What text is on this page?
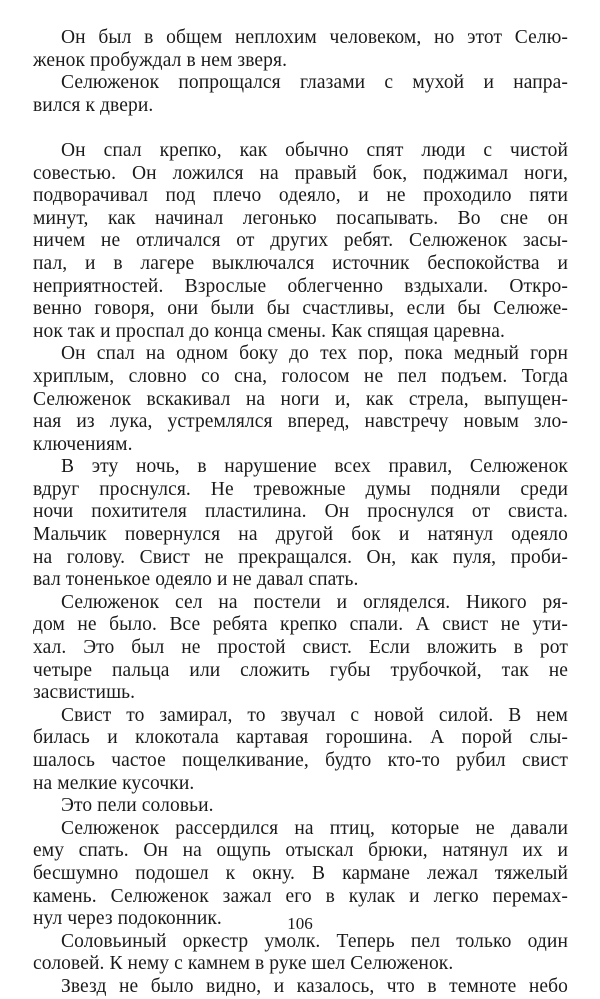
Он был в общем неплохим человеком, но этот Селю-
женок пробуждал в нем зверя.
Селюженок попрощался глазами с мухой и напра-
вился к двери.
Он спал крепко, как обычно спят люди с чистой
совестью. Он ложился на правый бок, поджимал ноги,
подворачивал под плечо одеяло, и не проходило пяти
минут, как начинал легонько посапывать. Во сне он
ничем не отличался от других ребят. Селюженок засы-
пал, и в лагере выключался источник беспокойства и
неприятностей. Взрослые облегченно вздыхали. Откро-
венно говоря, они были бы счастливы, если бы Селюже-
нок так и проспал до конца смены. Как спящая царевна.
Он спал на одном боку до тех пор, пока медный горн
хриплым, словно со сна, голосом не пел подъем. Тогда
Селюженок вскакивал на ноги и, как стрела, выпущен-
ная из лука, устремлялся вперед, навстречу новым зло-
ключениям.
В эту ночь, в нарушение всех правил, Селюженок
вдруг проснулся. Не тревожные думы подняли среди
ночи похитителя пластилина. Он проснулся от свиста.
Мальчик повернулся на другой бок и натянул одеяло
на голову. Свист не прекращался. Он, как пуля, проби-
вал тоненькое одеяло и не давал спать.
Селюженок сел на постели и огляделся. Никого ря-
дом не было. Все ребята крепко спали. А свист не ути-
хал. Это был не простой свист. Если вложить в рот
четыре пальца или сложить губы трубочкой, так не
засвистишь.
Свист то замирал, то звучал с новой силой. В нем
билась и клокотала картавая горошина. А порой слы-
шалось частое пощелкивание, будто кто-то рубил свист
на мелкие кусочки.
Это пели соловьи.
Селюженок рассердился на птиц, которые не давали
ему спать. Он на ощупь отыскал брюки, натянул их и
бесшумно подошел к окну. В кармане лежал тяжелый
камень. Селюженок зажал его в кулак и легко перемах-
нул через подоконник.
Соловьиный оркестр умолк. Теперь пел только один
соловей. К нему с камнем в руке шел Селюженок.
Звезд не было видно, и казалось, что в темноте небо
106
